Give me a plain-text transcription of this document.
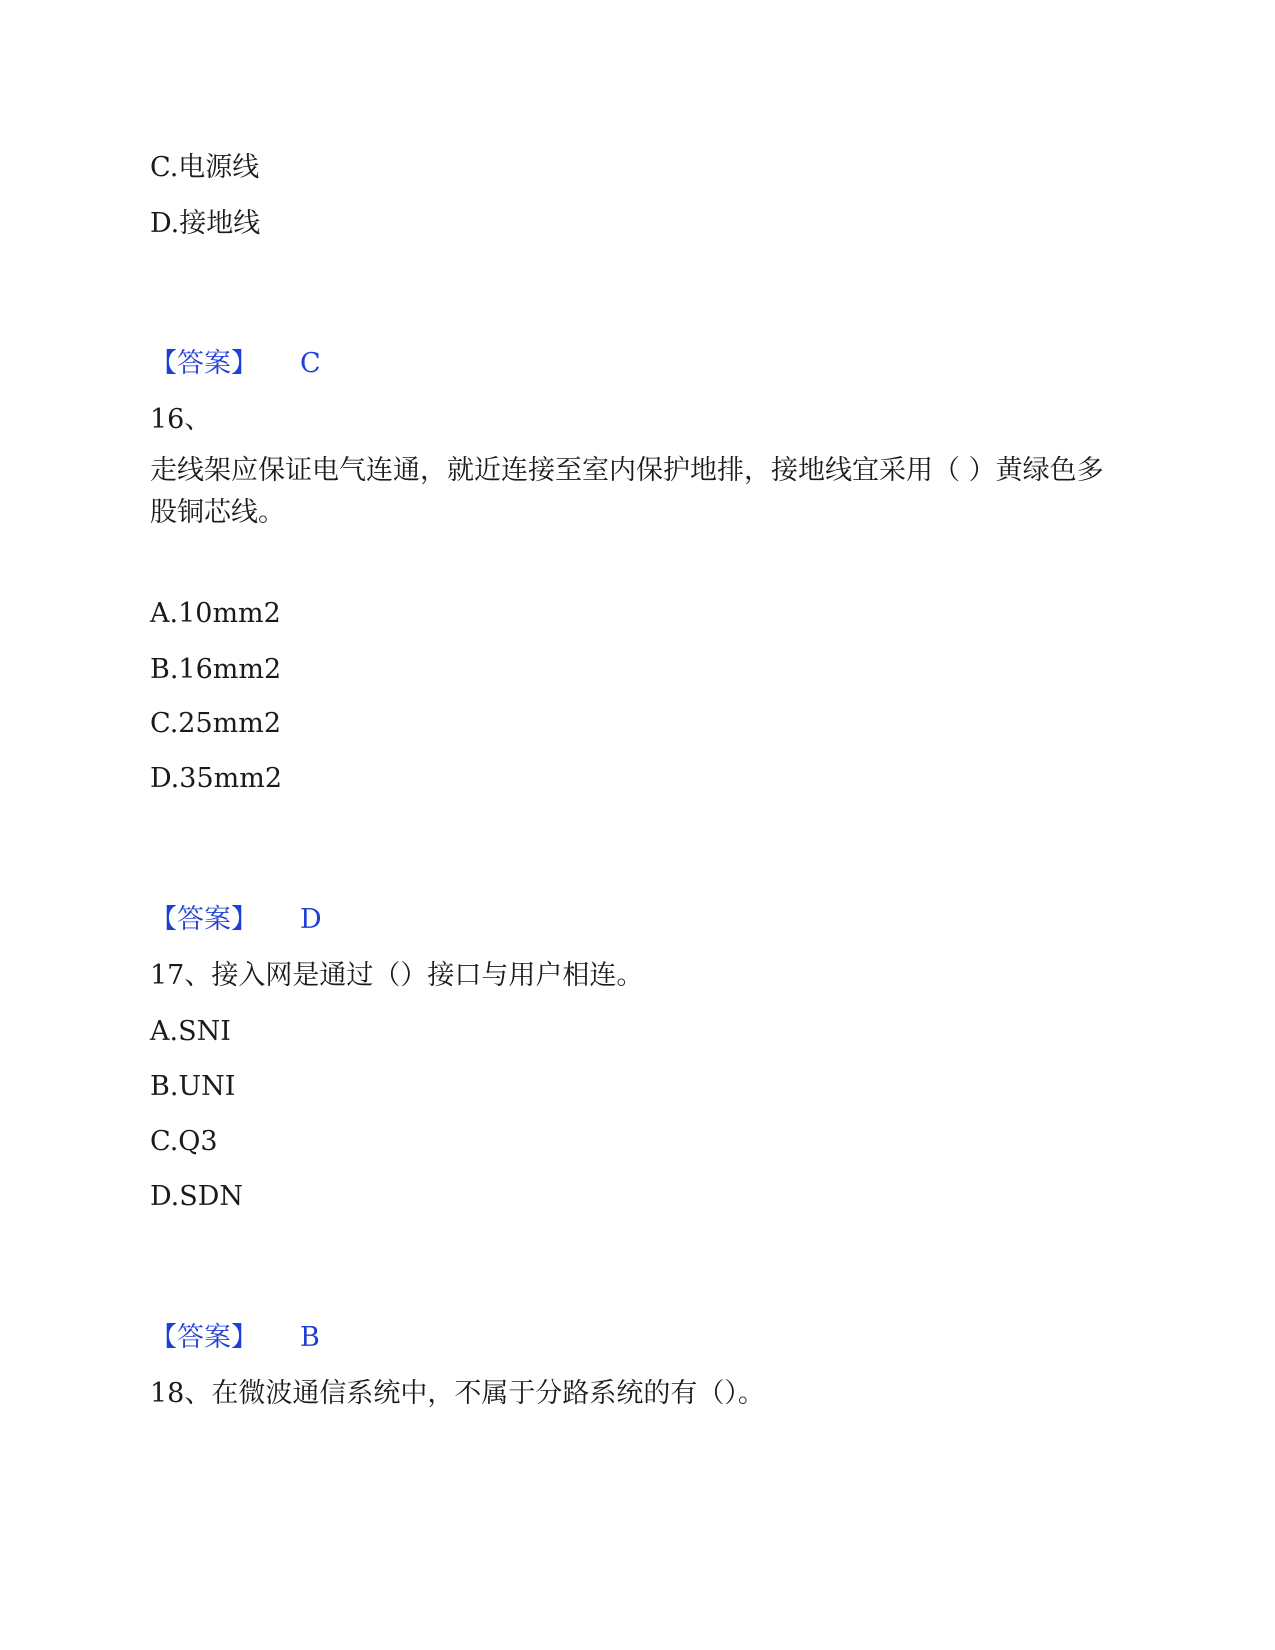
C.电源线
D.接地线
【答案】 C
16、
走线架应保证电气连通，就近连接至室内保护地排，接地线宜采用（ ）黄绿色多股铜芯线。
A.10mm2
B.16mm2
C.25mm2
D.35mm2
【答案】 D
17、接入网是通过（）接口与用户相连。
A.SNI
B.UNI
C.Q3
D.SDN
【答案】 B
18、在微波通信系统中，不属于分路系统的有（）。
